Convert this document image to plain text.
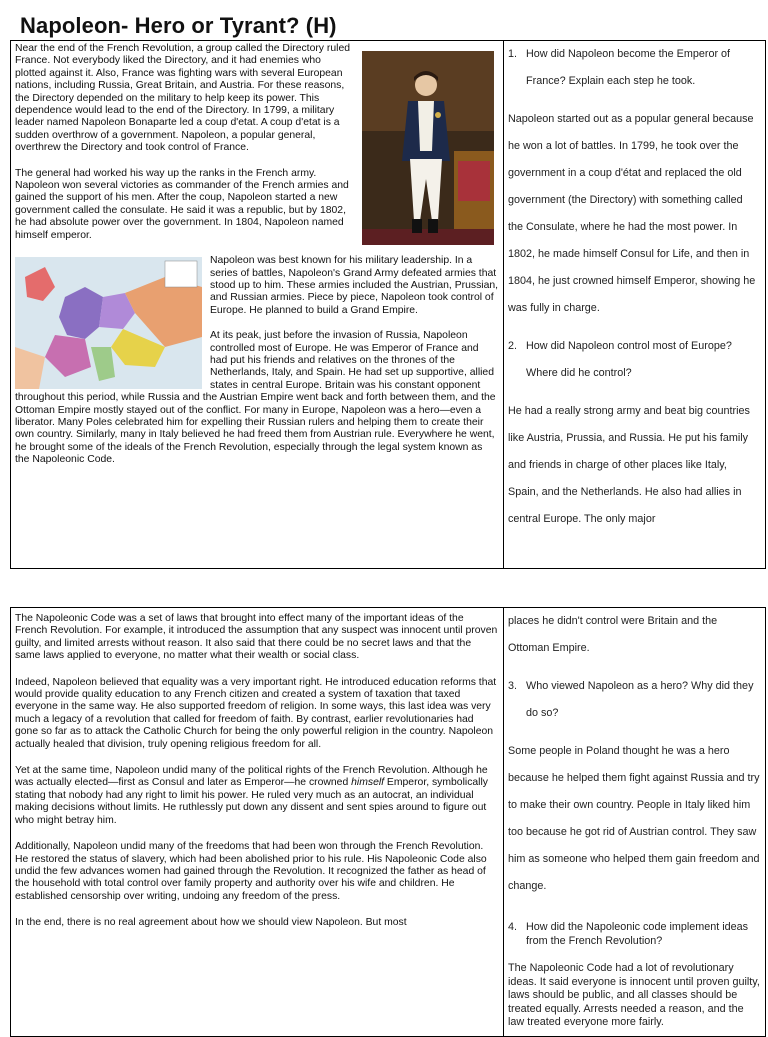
Napoleon- Hero or Tyrant? (H)

Near the end of the French Revolution, a group called the Directory ruled France. Not everybody liked the Directory, and it had enemies who plotted against it. Also, France was fighting wars with several European nations, including Russia, Great Britain, and Austria. For these reasons, the Directory depended on the military to help keep its power. This dependence would lead to the end of the Directory. In 1799, a military leader named Napoleon Bonaparte led a coup d'etat. A coup d'etat is a sudden overthrow of a government. Napoleon, a popular general, overthrew the Directory and took control of France.

The general had worked his way up the ranks in the French army. Napoleon won several victories as commander of the French armies and gained the support of his men. After the coup, Napoleon started a new government called the consulate. He said it was a republic, but by 1802, he had absolute power over the government. In 1804, Napoleon named himself emperor.

Napoleon was best known for his military leadership. In a series of battles, Napoleon's Grand Army defeated armies that stood up to him. These armies included the Austrian, Prussian, and Russian armies. Piece by piece, Napoleon took control of Europe. He planned to build a Grand Empire.

At its peak, just before the invasion of Russia, Napoleon controlled most of Europe. He was Emperor of France and had put his friends and relatives on the thrones of the Netherlands, Italy, and Spain. He had set up supportive, allied states in central Europe. Britain was his constant opponent throughout this period, while Russia and the Austrian Empire went back and forth between them, and the Ottoman Empire mostly stayed out of the conflict. For many in Europe, Napoleon was a hero—even a liberator. Many Poles celebrated him for expelling their Russian rulers and helping them to create their own country. Similarly, many in Italy believed he had freed them from Austrian rule. Everywhere he went, he brought some of the ideals of the French Revolution, especially through the legal system known as the Napoleonic Code.

1. How did Napoleon become the Emperor of France? Explain each step he took.

Napoleon started out as a popular general because he won a lot of battles. In 1799, he took over the government in a coup d'état and replaced the old government (the Directory) with something called the Consulate, where he had the most power. In 1802, he made himself Consul for Life, and then in 1804, he just crowned himself Emperor, showing he was fully in charge.

2. How did Napoleon control most of Europe? Where did he control?

He had a really strong army and beat big countries like Austria, Prussia, and Russia. He put his family and friends in charge of other places like Italy, Spain, and the Netherlands. He also had allies in central Europe. The only major

The Napoleonic Code was a set of laws that brought into effect many of the important ideas of the French Revolution. For example, it introduced the assumption that any suspect was innocent until proven guilty, and limited arrests without reason. It also said that there could be no secret laws and that the same laws applied to everyone, no matter what their wealth or social class.

Indeed, Napoleon believed that equality was a very important right. He introduced education reforms that would provide quality education to any French citizen and created a system of taxation that taxed everyone in the same way. He also supported freedom of religion. In some ways, this last idea was very much a legacy of a revolution that called for freedom of faith. By contrast, earlier revolutionaries had gone so far as to attack the Catholic Church for being the only powerful religion in the country. Napoleon actually healed that division, truly opening religious freedom for all.

Yet at the same time, Napoleon undid many of the political rights of the French Revolution. Although he was actually elected—first as Consul and later as Emperor—he crowned himself Emperor, symbolically stating that nobody had any right to limit his power. He ruled very much as an autocrat, an individual making decisions without limits. He ruthlessly put down any dissent and sent spies around to figure out who might betray him.

Additionally, Napoleon undid many of the freedoms that had been won through the French Revolution. He restored the status of slavery, which had been abolished prior to his rule. His Napoleonic Code also undid the few advances women had gained through the Revolution. It recognized the father as head of the household with total control over family property and authority over his wife and children. He established censorship over writing, undoing any freedom of the press.

In the end, there is no real agreement about how we should view Napoleon. But most

places he didn't control were Britain and the Ottoman Empire.

3. Who viewed Napoleon as a hero? Why did they do so?

Some people in Poland thought he was a hero because he helped them fight against Russia and try to make their own country. People in Italy liked him too because he got rid of Austrian control. They saw him as someone who helped them gain freedom and change.

4. How did the Napoleonic code implement ideas from the French Revolution?

The Napoleonic Code had a lot of revolutionary ideas. It said everyone is innocent until proven guilty, laws should be public, and all classes should be treated equally. Arrests needed a reason, and the law treated everyone more fairly.
